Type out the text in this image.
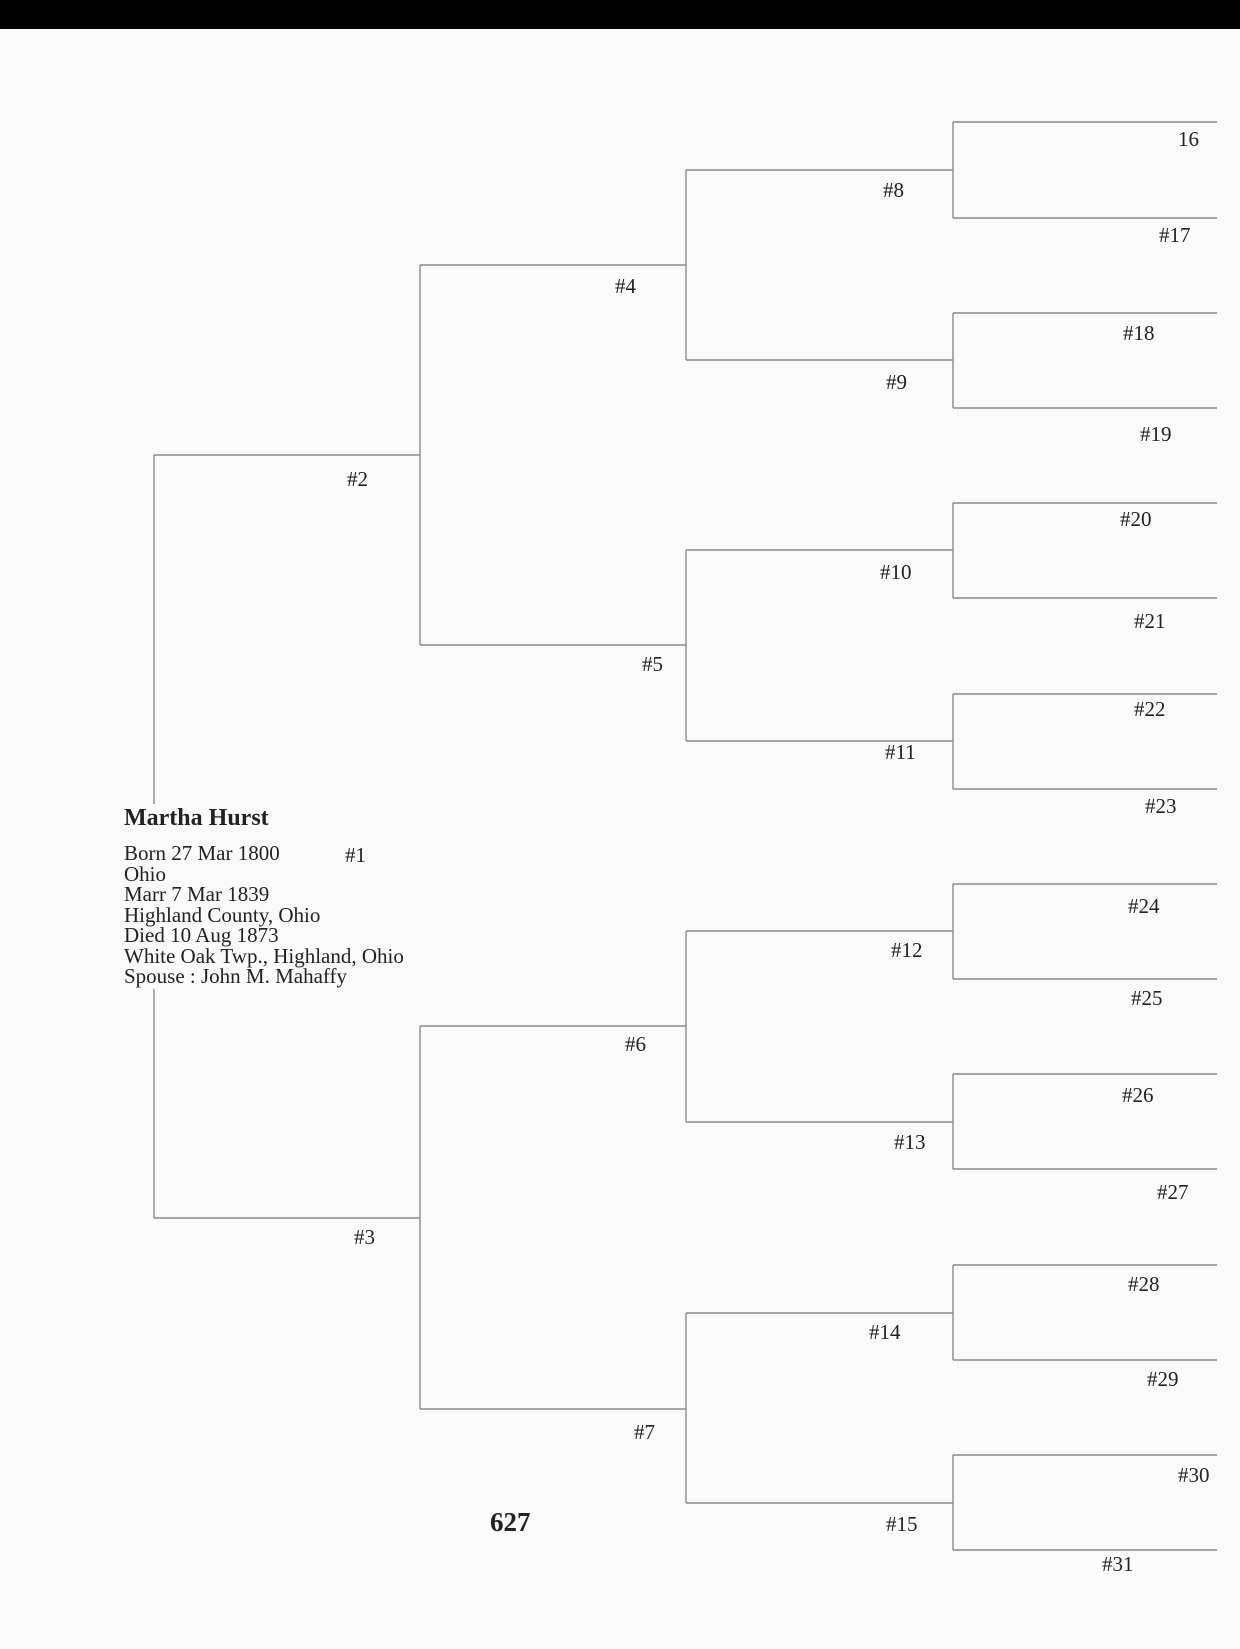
Martha Hurst
Born 27 Mar 1800
Ohio
Marr 7 Mar 1839
Highland County, Ohio
Died 10 Aug 1873
White Oak Twp., Highland, Ohio
Spouse : John M. Mahaffy
#1
#2
#3
#4
#5
#6
#7
#8
#9
#10
#11
#12
#13
#14
#15
16
#17
#18
#19
#20
#21
#22
#23
#24
#25
#26
#27
#28
#29
#30
#31
627
